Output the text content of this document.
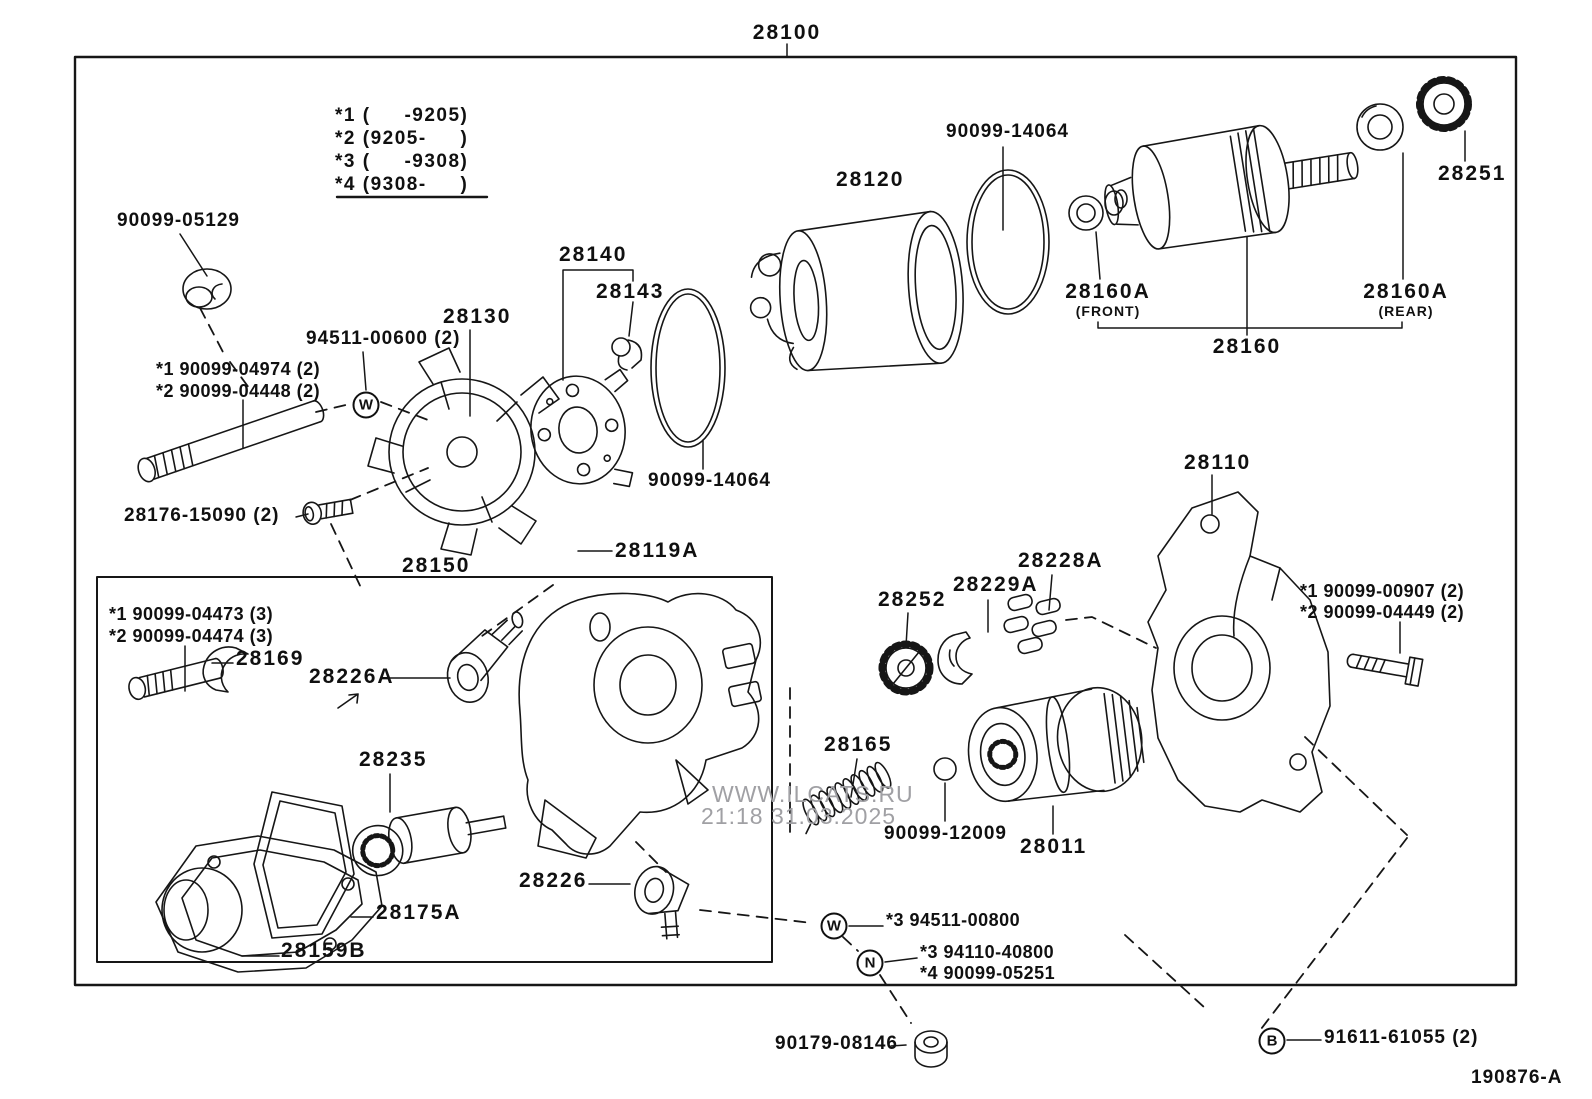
*1 (     -9205)
*2 (9205-     )
*3 (     -9308)
*4 (9308-     )
WWW.ILCATS.RU
21:18 31.03.2025
28100
90099-05129
94511-00600 (2)
*1 90099-04974 (2)
*2 90099-04448 (2)
28130
28140
28143
28120
90099-14064
28160A
(FRONT)
28160A
(REAR)
28160
28251
28110
*1 90099-00907 (2)
*2 90099-04449 (2)
28176-15090 (2)
28150
90099-14064
28119A
28252
28229A
28228A
*1 90099-04473 (3)
*2 90099-04474 (3)
28169
28226A
28235
28226
28165
90099-12009
28011
28175A
28159B
*3 94511-00800
*3 94110-40800
*4 90099-05251
90179-08146	91611-61055 (2)
190876-A
W
W
N
B
